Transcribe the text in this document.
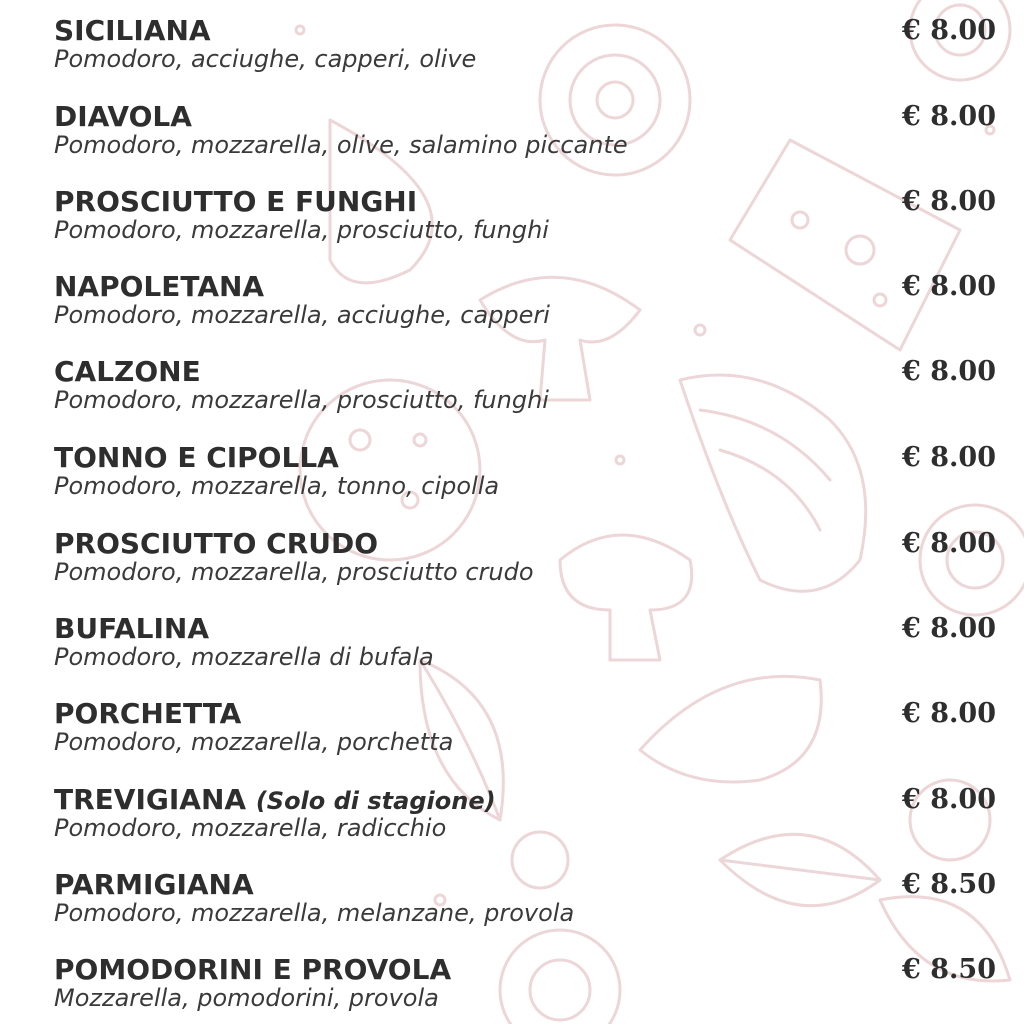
SICILIANA
Pomodoro, acciughe, capperi, olive
€ 8.00
DIAVOLA
Pomodoro, mozzarella, olive, salamino piccante
€ 8.00
PROSCIUTTO E FUNGHI
Pomodoro, mozzarella, prosciutto, funghi
€ 8.00
NAPOLETANA
Pomodoro, mozzarella, acciughe, capperi
€ 8.00
CALZONE
Pomodoro, mozzarella, prosciutto, funghi
€ 8.00
TONNO E CIPOLLA
Pomodoro, mozzarella, tonno, cipolla
€ 8.00
PROSCIUTTO CRUDO
Pomodoro, mozzarella, prosciutto crudo
€ 8.00
BUFALINA
Pomodoro, mozzarella di bufala
€ 8.00
PORCHETTA
Pomodoro, mozzarella, porchetta
€ 8.00
TREVIGIANA (Solo di stagione)
Pomodoro, mozzarella, radicchio
€ 8.00
PARMIGIANA
Pomodoro, mozzarella, melanzane, provola
€ 8.50
POMODORINI E PROVOLA
Mozzarella, pomodorini, provola
€ 8.50
